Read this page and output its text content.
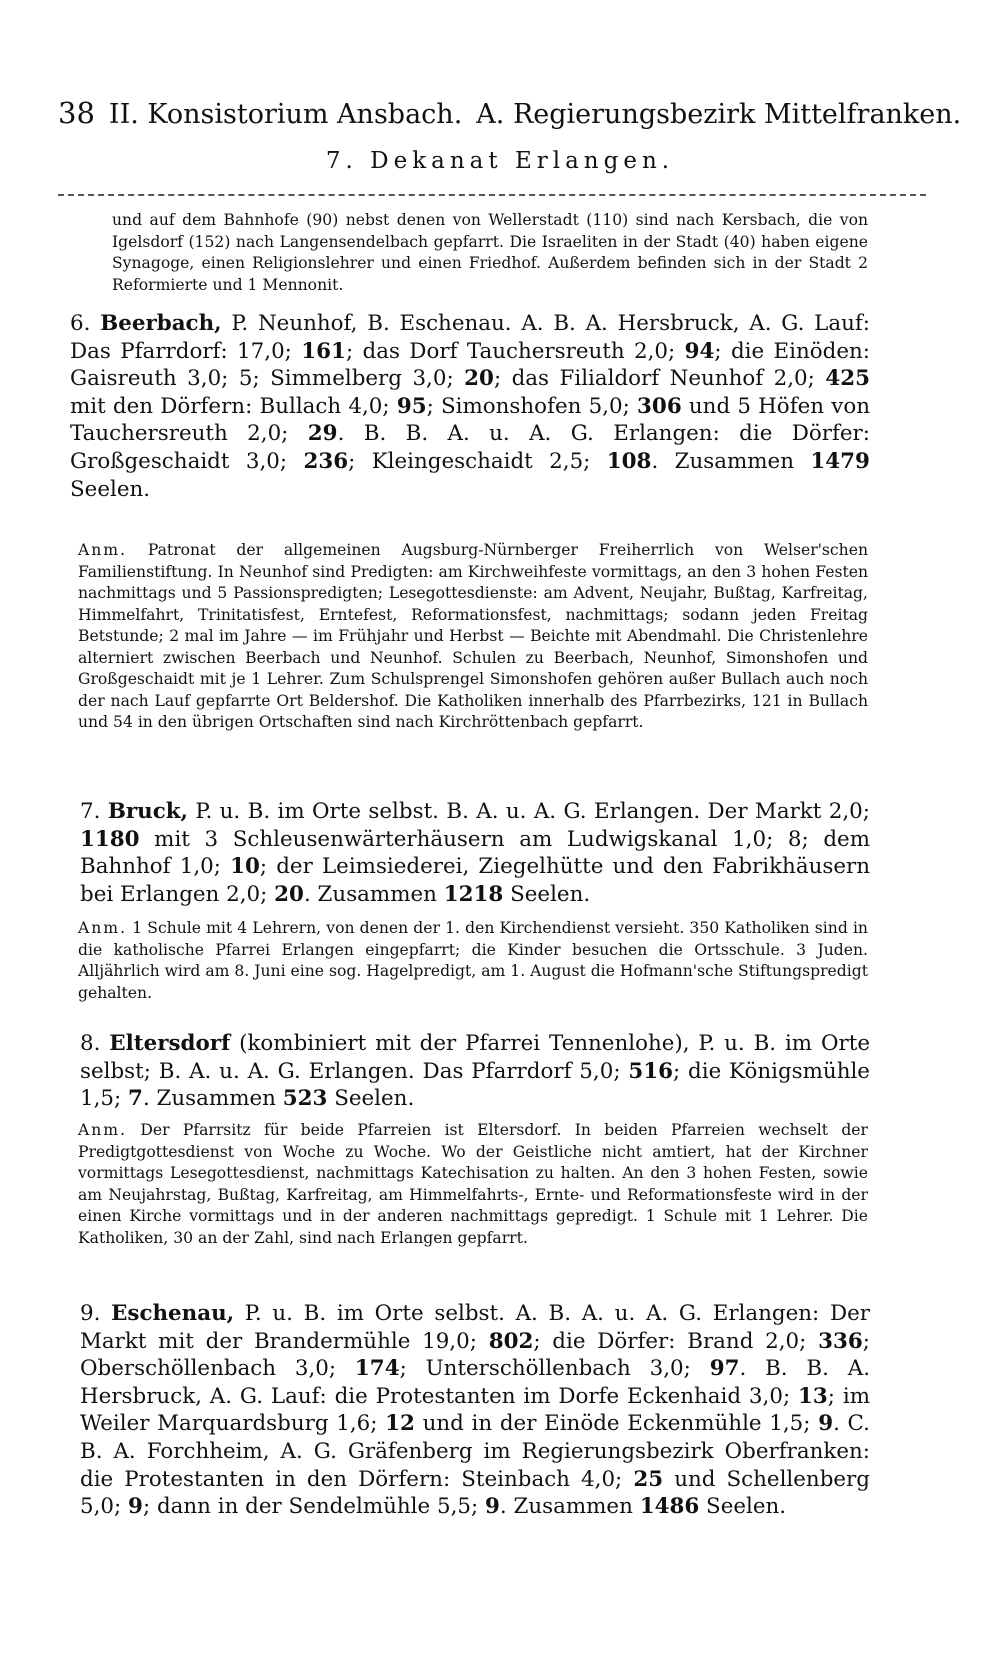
38 II. Konsistorium Ansbach. A. Regierungsbezirk Mittelfranken.
7. Dekanat Erlangen.
und auf dem Bahnhofe (90) nebst denen von Wellerstadt (110) sind nach Kersbach, die von Igelsdorf (152) nach Langensendelbach gepfarrt. Die Israeliten in der Stadt (40) haben eigene Synagoge, einen Religionslehrer und einen Friedhof. Außerdem befinden sich in der Stadt 2 Reformierte und 1 Mennonit.
6. Beerbach, P. Neunhof, B. Eschenau. A. B. A. Hersbruck, A. G. Lauf: Das Pfarrdorf: 17,0; 161; das Dorf Tauchersreuth 2,0; 94; die Einöden: Gaisreuth 3,0; 5; Simmelberg 3,0; 20; das Filialdorf Neunhof 2,0; 425 mit den Dörfern: Bullach 4,0; 95; Simonshofen 5,0; 306 und 5 Höfen von Tauchersreuth 2,0; 29. B. B. A. u. A. G. Erlangen: die Dörfer: Großgeschaidt 3,0; 236; Kleingeschaidt 2,5; 108. Zusammen 1479 Seelen.
Anm. Patronat der allgemeinen Augsburg-Nürnberger Freiherrlich von Welser'schen Familienstiftung. In Neunhof sind Predigten: am Kirchweihfeste vormittags, an den 3 hohen Festen nachmittags und 5 Passionspredigten; Lesegottesdienste: am Advent, Neujahr, Bußtag, Karfreitag, Himmelfahrt, Trinitatisfest, Erntefest, Reformationsfest, nachmittags; sodann jeden Freitag Betstunde; 2 mal im Jahre — im Frühjahr und Herbst — Beichte mit Abendmahl. Die Christenlehre alterniert zwischen Beerbach und Neunhof. Schulen zu Beerbach, Neunhof, Simonshofen und Großgeschaidt mit je 1 Lehrer. Zum Schulsprengel Simonshofen gehören außer Bullach auch noch der nach Lauf gepfarrte Ort Beldershof. Die Katholiken innerhalb des Pfarrbezirks, 121 in Bullach und 54 in den übrigen Ortschaften sind nach Kirchröttenbach gepfarrt.
7. Bruck, P. u. B. im Orte selbst. B. A. u. A. G. Erlangen. Der Markt 2,0; 1180 mit 3 Schleusenwärterhäusern am Ludwigskanal 1,0; 8; dem Bahnhof 1,0; 10; der Leimsiederei, Ziegelhütte und den Fabrikhäusern bei Erlangen 2,0; 20. Zusammen 1218 Seelen.
Anm. 1 Schule mit 4 Lehrern, von denen der 1. den Kirchendienst versieht. 350 Katholiken sind in die katholische Pfarrei Erlangen eingepfarrt; die Kinder besuchen die Ortsschule. 3 Juden. Alljährlich wird am 8. Juni eine sog. Hagelpredigt, am 1. August die Hofmann'sche Stiftungspredigt gehalten.
8. Eltersdorf (kombiniert mit der Pfarrei Tennenlohe), P. u. B. im Orte selbst; B. A. u. A. G. Erlangen. Das Pfarrdorf 5,0; 516; die Königsmühle 1,5; 7. Zusammen 523 Seelen.
Anm. Der Pfarrsitz für beide Pfarreien ist Eltersdorf. In beiden Pfarreien wechselt der Predigtgottesdienst von Woche zu Woche. Wo der Geistliche nicht amtiert, hat der Kirchner vormittags Lesegottesdienst, nachmittags Katechisation zu halten. An den 3 hohen Festen, sowie am Neujahrstag, Bußtag, Karfreitag, am Himmelfahrts-, Ernte- und Reformationsfeste wird in der einen Kirche vormittags und in der anderen nachmittags gepredigt. 1 Schule mit 1 Lehrer. Die Katholiken, 30 an der Zahl, sind nach Erlangen gepfarrt.
9. Eschenau, P. u. B. im Orte selbst. A. B. A. u. A. G. Erlangen: Der Markt mit der Brandermühle 19,0; 802; die Dörfer: Brand 2,0; 336; Oberschöllenbach 3,0; 174; Unterschöllenbach 3,0; 97. B. B. A. Hersbruck, A. G. Lauf: die Protestanten im Dorfe Eckenhaid 3,0; 13; im Weiler Marquardsburg 1,6; 12 und in der Einöde Eckenmühle 1,5; 9. C. B. A. Forchheim, A. G. Gräfenberg im Regierungsbezirk Oberfranken: die Protestanten in den Dörfern: Steinbach 4,0; 25 und Schellenberg 5,0; 9; dann in der Sendelmühle 5,5; 9. Zusammen 1486 Seelen.
